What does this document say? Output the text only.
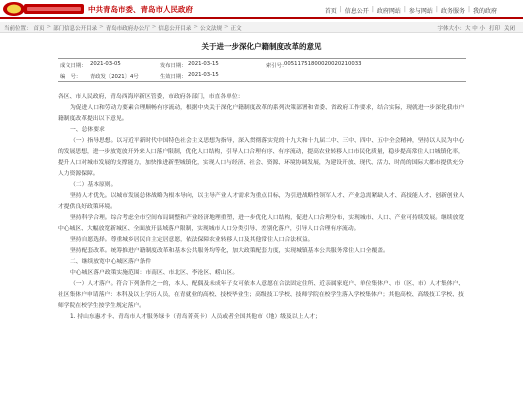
中共青岛市委、青岛市人民政府	首页 | 信息公开 | 政府网站 | 参与网站 | 政务服务 | 我的政府
当前位置： 首页 > 部门信息公开目录 > 青岛市政府办公厅 > 信息公开目录 > 公文法规 > 正文	字体大小：大 中 小 打印 关闭
关于进一步深化户籍制度改革的意见
成文日期： 2021-03-05	发布日期： 2021-03-15	索引号：
00511751800020020210033
编　号： 青政发〔2021〕4号	生效日期： 2021-03-15

各区、市人民政府，青岛西海岸新区管委，市政府各部门，市直各单位：

为促进人口和劳动力要素合理顺畅有序流动，根据中央关于深化户籍制度改革的系列决策部署和省委、省政府工作要求，结合实际，现就进一步深化我市户籍制度改革提出以下意见。

一、总体要求

（一）指导思想。以习近平新时代中国特色社会主义思想为指导，深入贯彻落实党的十九大和十九届二中、三中、四中、五中全会精神，坚持以人民为中心的发展思想，进一步放宽放开外来人口落户限制，优化人口结构，引导人口合理有序、有序流动，提高农业转移人口市民化质量，稳步提高常住人口城镇化率，提升人口对城市发展的支撑能力，加快推进新型城镇化，实现人口与经济、社会、资源、环境协调发展，为建设开放、现代、活力、时尚的国际大都市提供充分人力资源保障。

（二）基本原则。

坚持人才优先。以城市发展总体战略为根本导向，以主导产业人才需求为重点目标，为引进战略性领军人才、产业急需紧缺人才、高技能人才、创新创业人才提供良好政策环境。

坚持科学合理。综合考虑全市空间布局调整和产业经济地理重塑，进一步优化人口结构，促进人口合理分布，实现城市、人口、产业可持续发展。继续放宽中心城区、大幅放宽新城区、全面放开县域落户限制，实现城市人口分类引导、差别化落户，引导人口合理有序流动。

坚持自愿选择。尊重城乡居民自主定居意愿，依法保障农业转移人口及其他常住人口合法权益。

坚持配套改革。统筹推进户籍制度改革和基本公共服务均等化，加大政策配套力度，实现城镇基本公共服务常住人口全覆盖。

二、继续放宽中心城区落户条件

中心城区落户政策实施范围：市南区、市北区、李沧区、崂山区。

（一）人才落户。符合下列条件之一的，本人、配偶及未成年子女可依本人意愿在合法固定住所、近亲属家庭户、单位集体户、市（区、市）人才集体户、社区集体户申请落户：本科及以上学历人员，在青就业的高校、技校毕业生；高级技工学校、技师学院在校学生落入学校集体户；其他高校、高级技工学校、技师学院在校学生按学生规定落户。

1. 持山东惠才卡、青岛市人才服务绿卡（青岛菁英卡）人员或者全国其他市（地）级及以上人才；
